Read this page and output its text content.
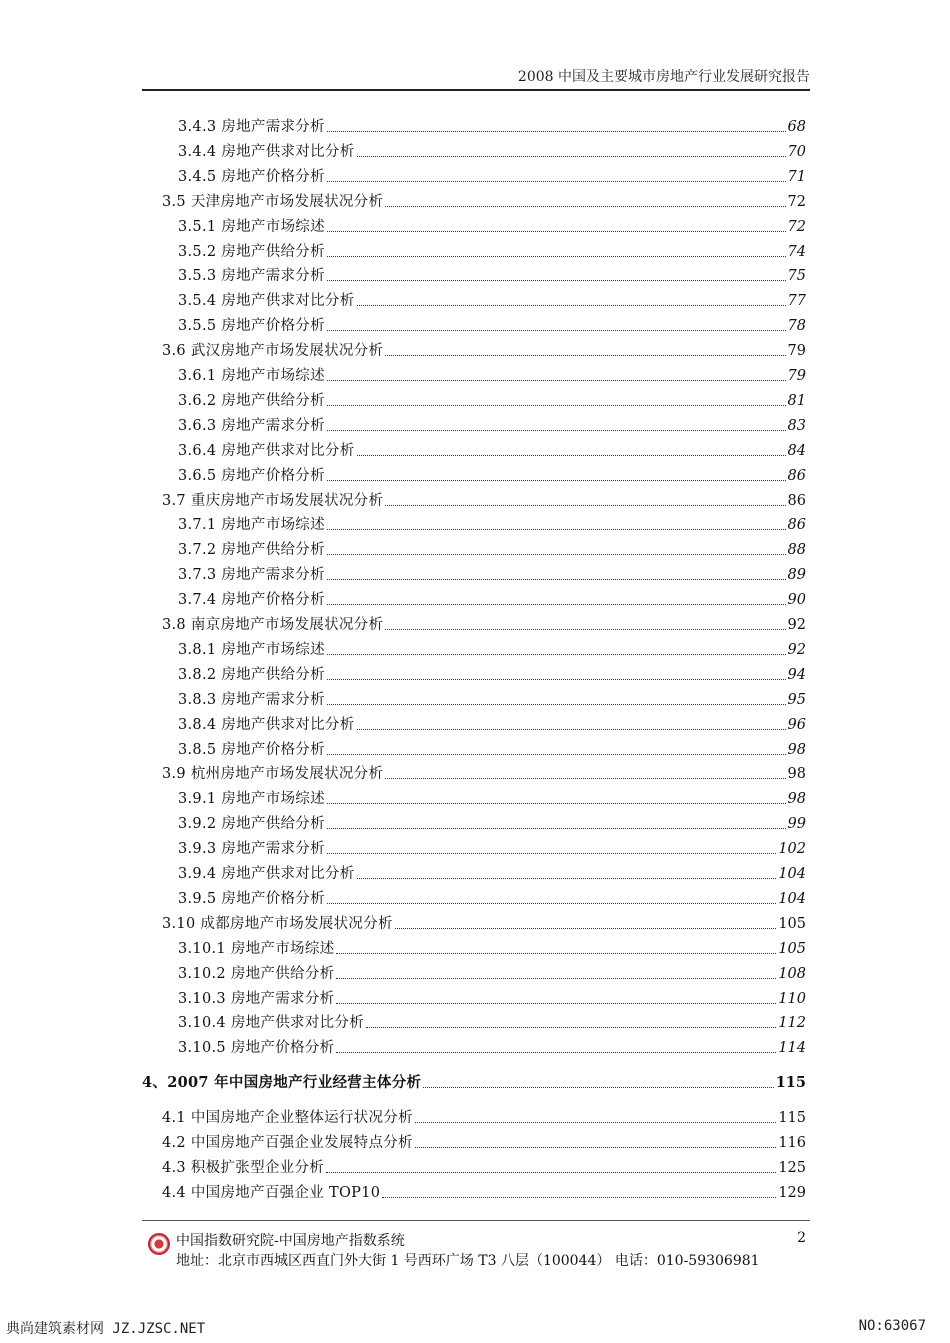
2008 中国及主要城市房地产行业发展研究报告
3.4.3 房地产需求分析	68
3.4.4 房地产供求对比分析	70
3.4.5 房地产价格分析	71
3.5 天津房地产市场发展状况分析	72
3.5.1 房地产市场综述	72
3.5.2 房地产供给分析	74
3.5.3 房地产需求分析	75
3.5.4 房地产供求对比分析	77
3.5.5 房地产价格分析	78
3.6 武汉房地产市场发展状况分析	79
3.6.1 房地产市场综述	79
3.6.2 房地产供给分析	81
3.6.3 房地产需求分析	83
3.6.4 房地产供求对比分析	84
3.6.5 房地产价格分析	86
3.7 重庆房地产市场发展状况分析	86
3.7.1 房地产市场综述	86
3.7.2 房地产供给分析	88
3.7.3 房地产需求分析	89
3.7.4 房地产价格分析	90
3.8 南京房地产市场发展状况分析	92
3.8.1 房地产市场综述	92
3.8.2 房地产供给分析	94
3.8.3 房地产需求分析	95
3.8.4 房地产供求对比分析	96
3.8.5 房地产价格分析	98
3.9 杭州房地产市场发展状况分析	98
3.9.1 房地产市场综述	98
3.9.2 房地产供给分析	99
3.9.3 房地产需求分析	102
3.9.4 房地产供求对比分析	104
3.9.5 房地产价格分析	104
3.10 成都房地产市场发展状况分析	105
3.10.1 房地产市场综述	105
3.10.2 房地产供给分析	108
3.10.3 房地产需求分析	110
3.10.4 房地产供求对比分析	112
3.10.5 房地产价格分析	114
4、2007 年中国房地产行业经营主体分析	115
4.1 中国房地产企业整体运行状况分析	115
4.2 中国房地产百强企业发展特点分析	116
4.3 积极扩张型企业分析	125
4.4 中国房地产百强企业 TOP10	129
中国指数研究院-中国房地产指数系统
地址：北京市西城区西直门外大街 1 号西环广场 T3 八层（100044） 电话：010-59306981
2
典尚建筑素材网 JZ.JZSC.NET	NO:63067
